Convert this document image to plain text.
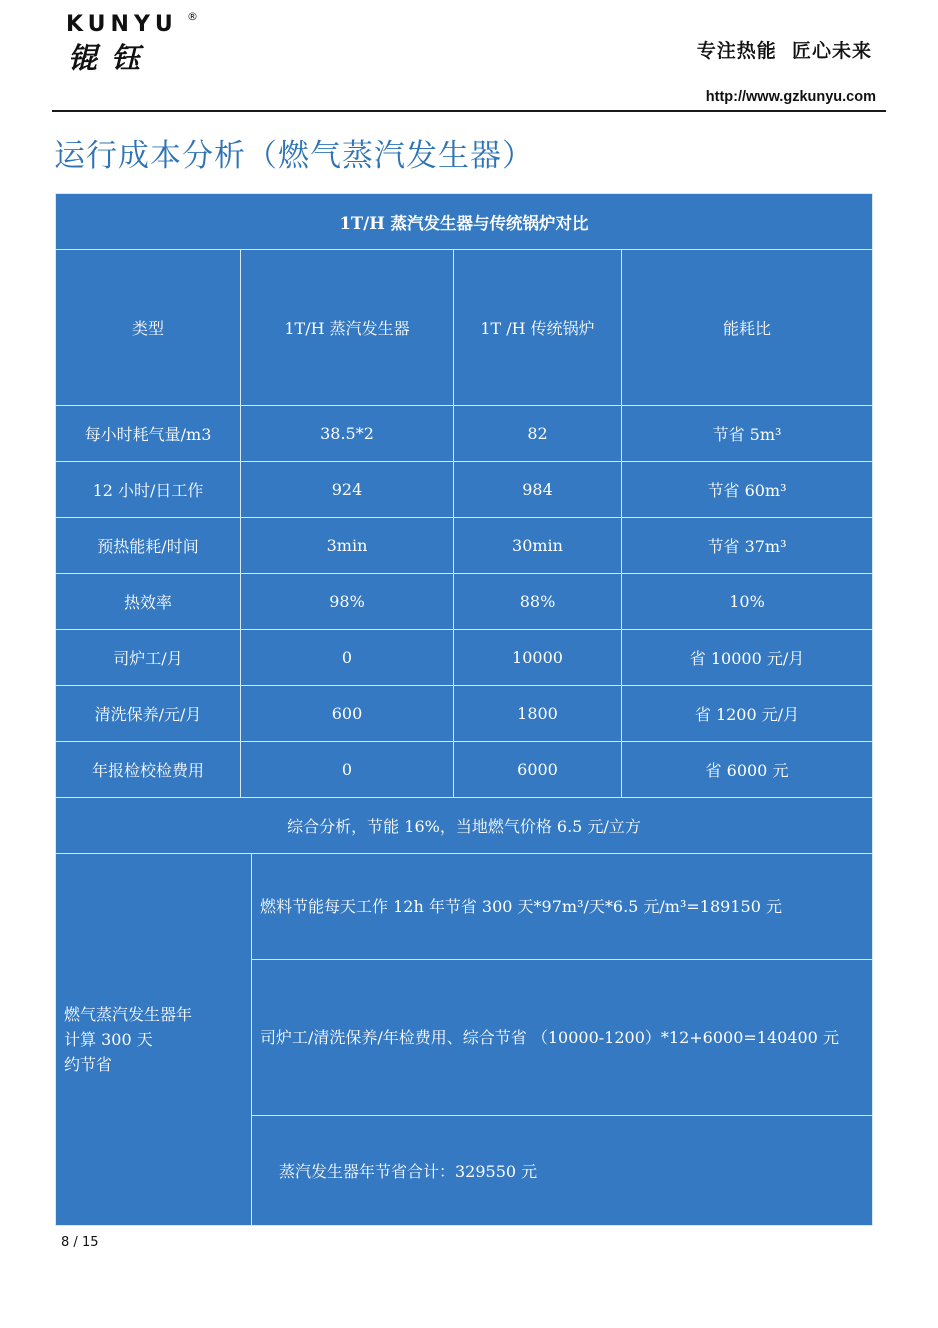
KUNYU ®
锟钰	专注热能  匠心未来
http://www.gzkunyu.com
运行成本分析（燃气蒸汽发生器）
1T/H 蒸汽发生器与传统锅炉对比				
类型	1T/H 蒸汽发生器		1T /H 传统锅炉	能耗比
每小时耗气量/m3	38.5*2		82	节省 5m³
12 小时/日工作	924		984	节省 60m³
预热能耗/时间	3min		30min	节省 37m³
热效率	98%		88%	10%
司炉工/月	0		10000	省 10000 元/月
清洗保养/元/月	600		1800	省 1200 元/月
年报检校检费用	0		6000	省 6000 元
综合分析，节能 16%，当地燃气价格 6.5 元/立方				
燃气蒸汽发生器年
计算 300 天
约节省		燃料节能每天工作 12h 年节省 300 天*97m³/天*6.5 元/m³=189150 元		
		司炉工/清洗保养/年检费用、综合节省 （10000-1200）*12+6000=140400 元		
		蒸汽发生器年节省合计：329550 元		
8 / 15
